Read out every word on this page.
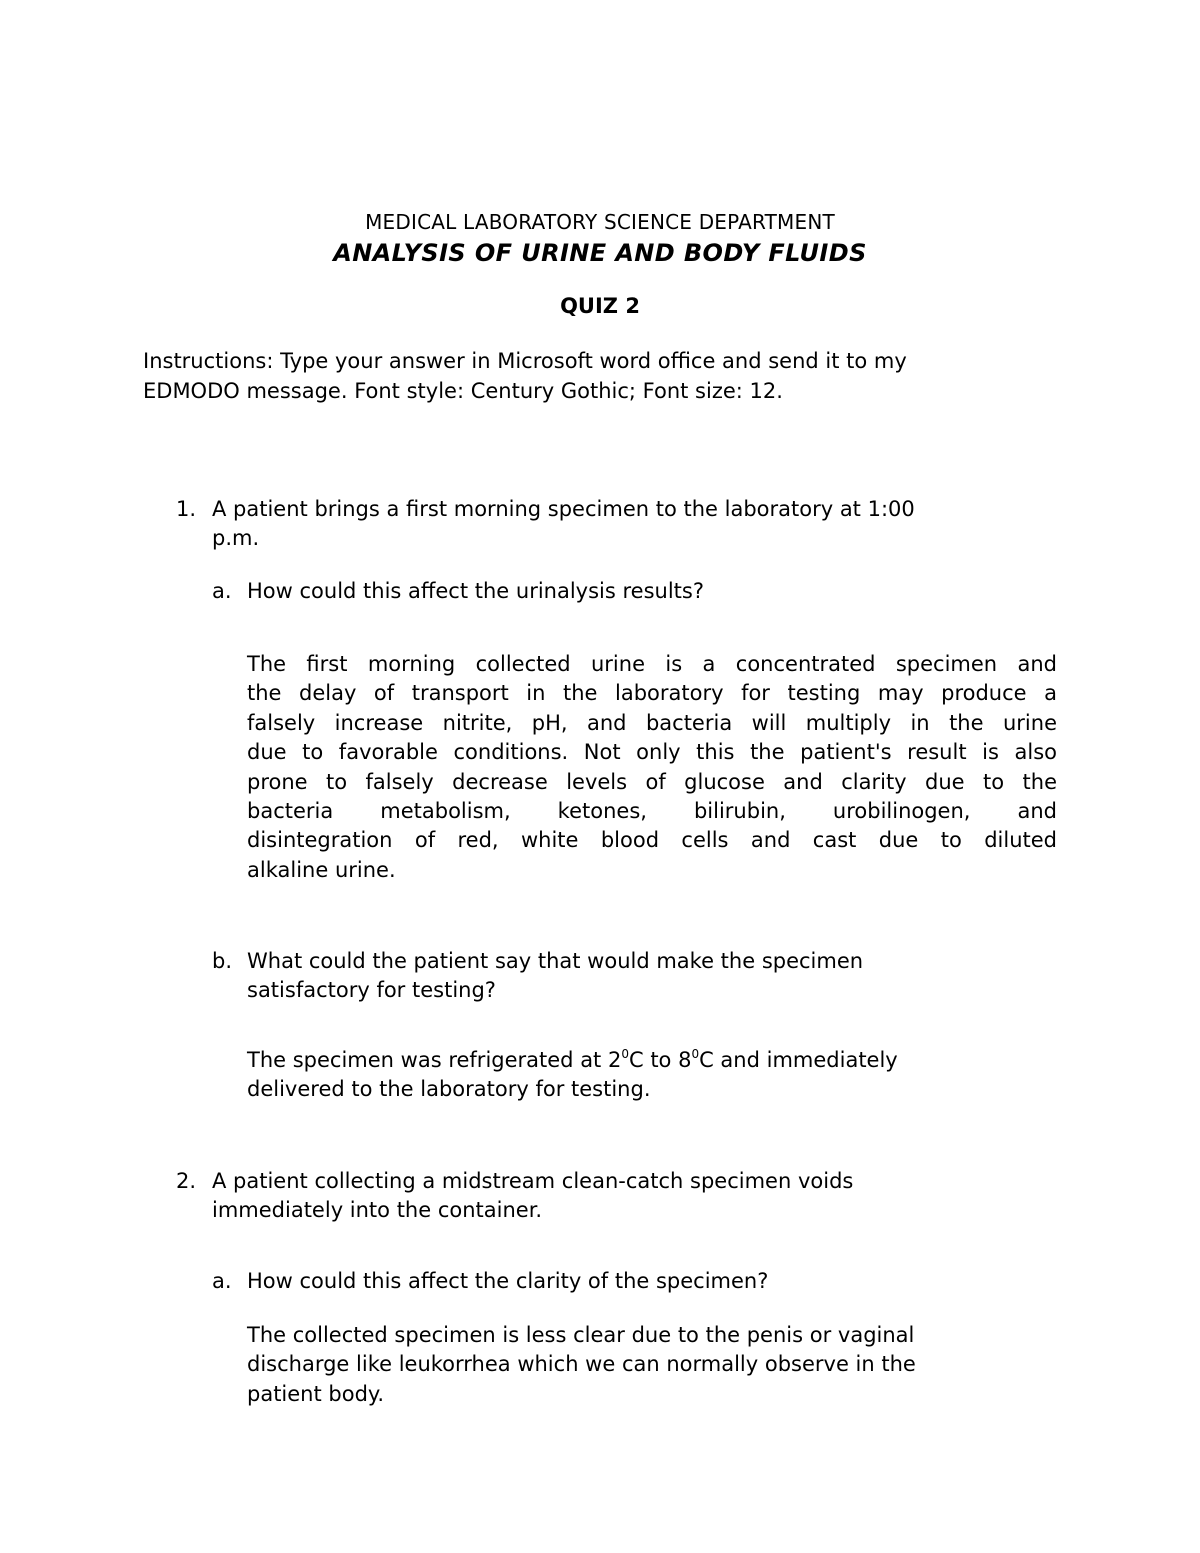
MEDICAL LABORATORY SCIENCE DEPARTMENT
ANALYSIS OF URINE AND BODY FLUIDS
QUIZ 2
Instructions: Type your answer in Microsoft word office and send it to my
EDMODO message. Font style: Century Gothic; Font size: 12.
1. A patient brings a first morning specimen to the laboratory at 1:00
p.m.
a. How could this affect the urinalysis results?
The first morning collected urine is a concentrated specimen and
the delay of transport in the laboratory for testing may produce a
falsely increase nitrite, pH, and bacteria will multiply in the urine
due to favorable conditions. Not only this the patient's result is also
prone to falsely decrease levels of glucose and clarity due to the
bacteria metabolism, ketones, bilirubin, urobilinogen, and
disintegration of red, white blood cells and cast due to diluted
alkaline urine.
b. What could the patient say that would make the specimen
satisfactory for testing?
The specimen was refrigerated at $2^0C$ to $8^0C$ and immediately
delivered to the laboratory for testing.
2. A patient collecting a midstream clean-catch specimen voids
immediately into the container.
a. How could this affect the clarity of the specimen?
The collected specimen is less clear due to the penis or vaginal
discharge like leukorrhea which we can normally observe in the
patient body.
